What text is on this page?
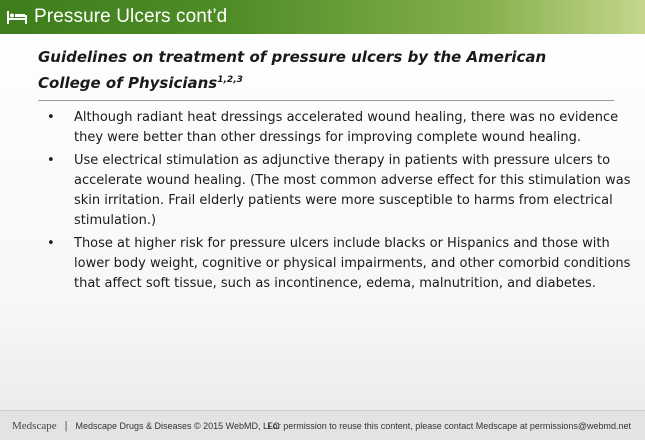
Pressure Ulcers cont’d
Guidelines on treatment of pressure ulcers by the American College of Physicians$^{1,2,3}$
• Although radiant heat dressings accelerated wound healing, there was no evidence they were better than other dressings for improving complete wound healing.
• Use electrical stimulation as adjunctive therapy in patients with pressure ulcers to accelerate wound healing. (The most common adverse effect for this stimulation was skin irritation. Frail elderly patients were more susceptible to harms from electrical stimulation.)
• Those at higher risk for pressure ulcers include blacks or Hispanics and those with lower body weight, cognitive or physical impairments, and other comorbid conditions that affect soft tissue, such as incontinence, edema, malnutrition, and diabetes.
Medscape | Medscape Drugs & Diseases © 2015 WebMD, LLC
For permission to reuse this content, please contact Medscape at permissions@webmd.net
